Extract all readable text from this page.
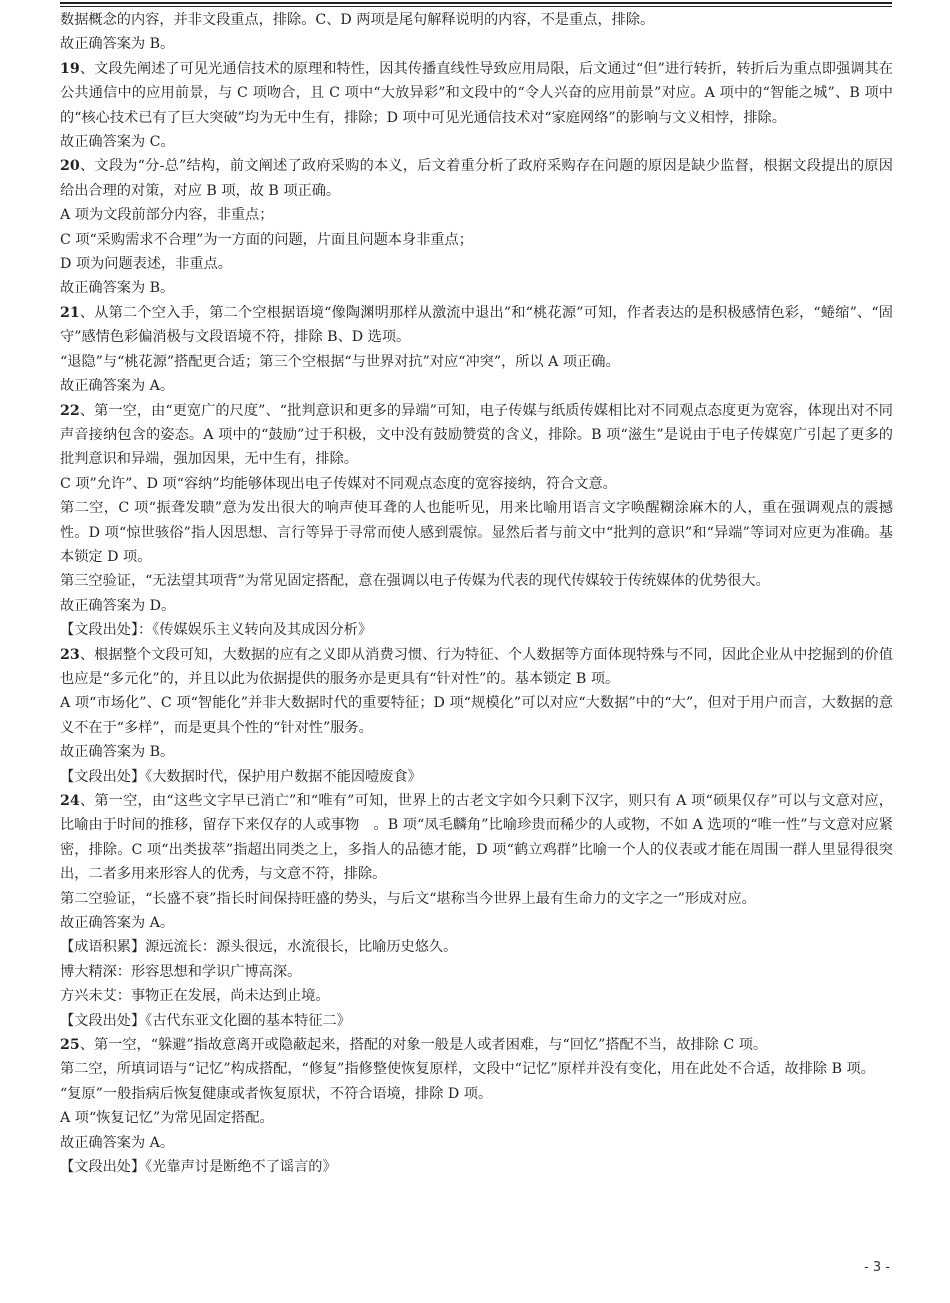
数据概念的内容，并非文段重点，排除。C、D 两项是尾句解释说明的内容，不是重点，排除。

故正确答案为 B。

19、文段先阐述了可见光通信技术的原理和特性，因其传播直线性导致应用局限，后文通过“但”进行转折，转折后为重点即强调其在公共通信中的应用前景，与 C 项吻合，且 C 项中“大放异彩”和文段中的“令人兴奋的应用前景”对应。A 项中的“智能之城”、B 项中的“核心技术已有了巨大突破”均为无中生有，排除；D 项中可见光通信技术对“家庭网络”的影响与文义相悖，排除。

故正确答案为 C。

20、文段为“分-总”结构，前文阐述了政府采购的本义，后文着重分析了政府采购存在问题的原因是缺少监督，根据文段提出的原因给出合理的对策，对应 B 项，故 B 项正确。

A 项为文段前部分内容，非重点；

C 项“采购需求不合理”为一方面的问题，片面且问题本身非重点；

D 项为问题表述，非重点。

故正确答案为 B。

21、从第二个空入手，第二个空根据语境“像陶渊明那样从激流中退出”和“桃花源”可知，作者表达的是积极感情色彩，“蜷缩”、“固守”感情色彩偏消极与文段语境不符，排除 B、D 选项。

“退隐”与“桃花源”搭配更合适；第三个空根据“与世界对抗”对应“冲突”，所以 A 项正确。

故正确答案为 A。

22、第一空，由“更宽广的尺度”、“批判意识和更多的异端”可知，电子传媒与纸质传媒相比对不同观点态度更为宽容，体现出对不同声音接纳包含的姿态。A 项中的“鼓励”过于积极，文中没有鼓励赞赏的含义，排除。B 项“滋生”是说由于电子传媒宽广引起了更多的批判意识和异端，强加因果，无中生有，排除。

C 项”允许”、D 项“容纳”均能够体现出电子传媒对不同观点态度的宽容接纳，符合文意。

第二空，C 项“振聋发聩”意为发出很大的响声使耳聋的人也能听见，用来比喻用语言文字唤醒糊涂麻木的人，重在强调观点的震撼性。D 项“惊世骇俗”指人因思想、言行等异于寻常而使人感到震惊。显然后者与前文中“批判的意识”和“异端”等词对应更为准确。基本锁定 D 项。

第三空验证，“无法望其项背”为常见固定搭配，意在强调以电子传媒为代表的现代传媒较于传统媒体的优势很大。

故正确答案为 D。

【文段出处】：《传媒娱乐主义转向及其成因分析》

23、根据整个文段可知，大数据的应有之义即从消费习惯、行为特征、个人数据等方面体现特殊与不同，因此企业从中挖掘到的价值也应是“多元化”的，并且以此为依据提供的服务亦是更具有“针对性”的。基本锁定 B 项。

A 项“市场化”、C 项“智能化”并非大数据时代的重要特征；D 项“规模化”可以对应“大数据”中的“大”，但对于用户而言，大数据的意义不在于“多样”，而是更具个性的“针对性”服务。

故正确答案为 B。

【文段出处】《大数据时代，保护用户数据不能因噎废食》

24、第一空，由“这些文字早已消亡”和“唯有”可知，世界上的古老文字如今只剩下汉字，则只有 A 项“硕果仅存”可以与文意对应，比喻由于时间的推移，留存下来仅存的人或事物　。B 项“凤毛麟角”比喻珍贵而稀少的人或物，不如 A 选项的“唯一性”与文意对应紧密，排除。C 项“出类拔萃”指超出同类之上，多指人的品德才能，D 项“鹤立鸡群”比喻一个人的仪表或才能在周围一群人里显得很突出，二者多用来形容人的优秀，与文意不符，排除。

第二空验证，“长盛不衰”指长时间保持旺盛的势头，与后文“堪称当今世界上最有生命力的文字之一”形成对应。

故正确答案为 A。

【成语积累】源远流长：源头很远，水流很长，比喻历史悠久。

博大精深：形容思想和学识广博高深。

方兴未艾：事物正在发展，尚未达到止境。

【文段出处】《古代东亚文化圈的基本特征二》

25、第一空，“躲避”指故意离开或隐蔽起来，搭配的对象一般是人或者困难，与“回忆”搭配不当，故排除 C 项。

第二空，所填词语与“记忆”构成搭配，“修复”指修整使恢复原样，文段中“记忆”原样并没有变化，用在此处不合适，故排除 B 项。

“复原”一般指病后恢复健康或者恢复原状，不符合语境，排除 D 项。

A 项“恢复记忆”为常见固定搭配。

故正确答案为 A。

【文段出处】《光靠声讨是断绝不了谣言的》

- 3 -
